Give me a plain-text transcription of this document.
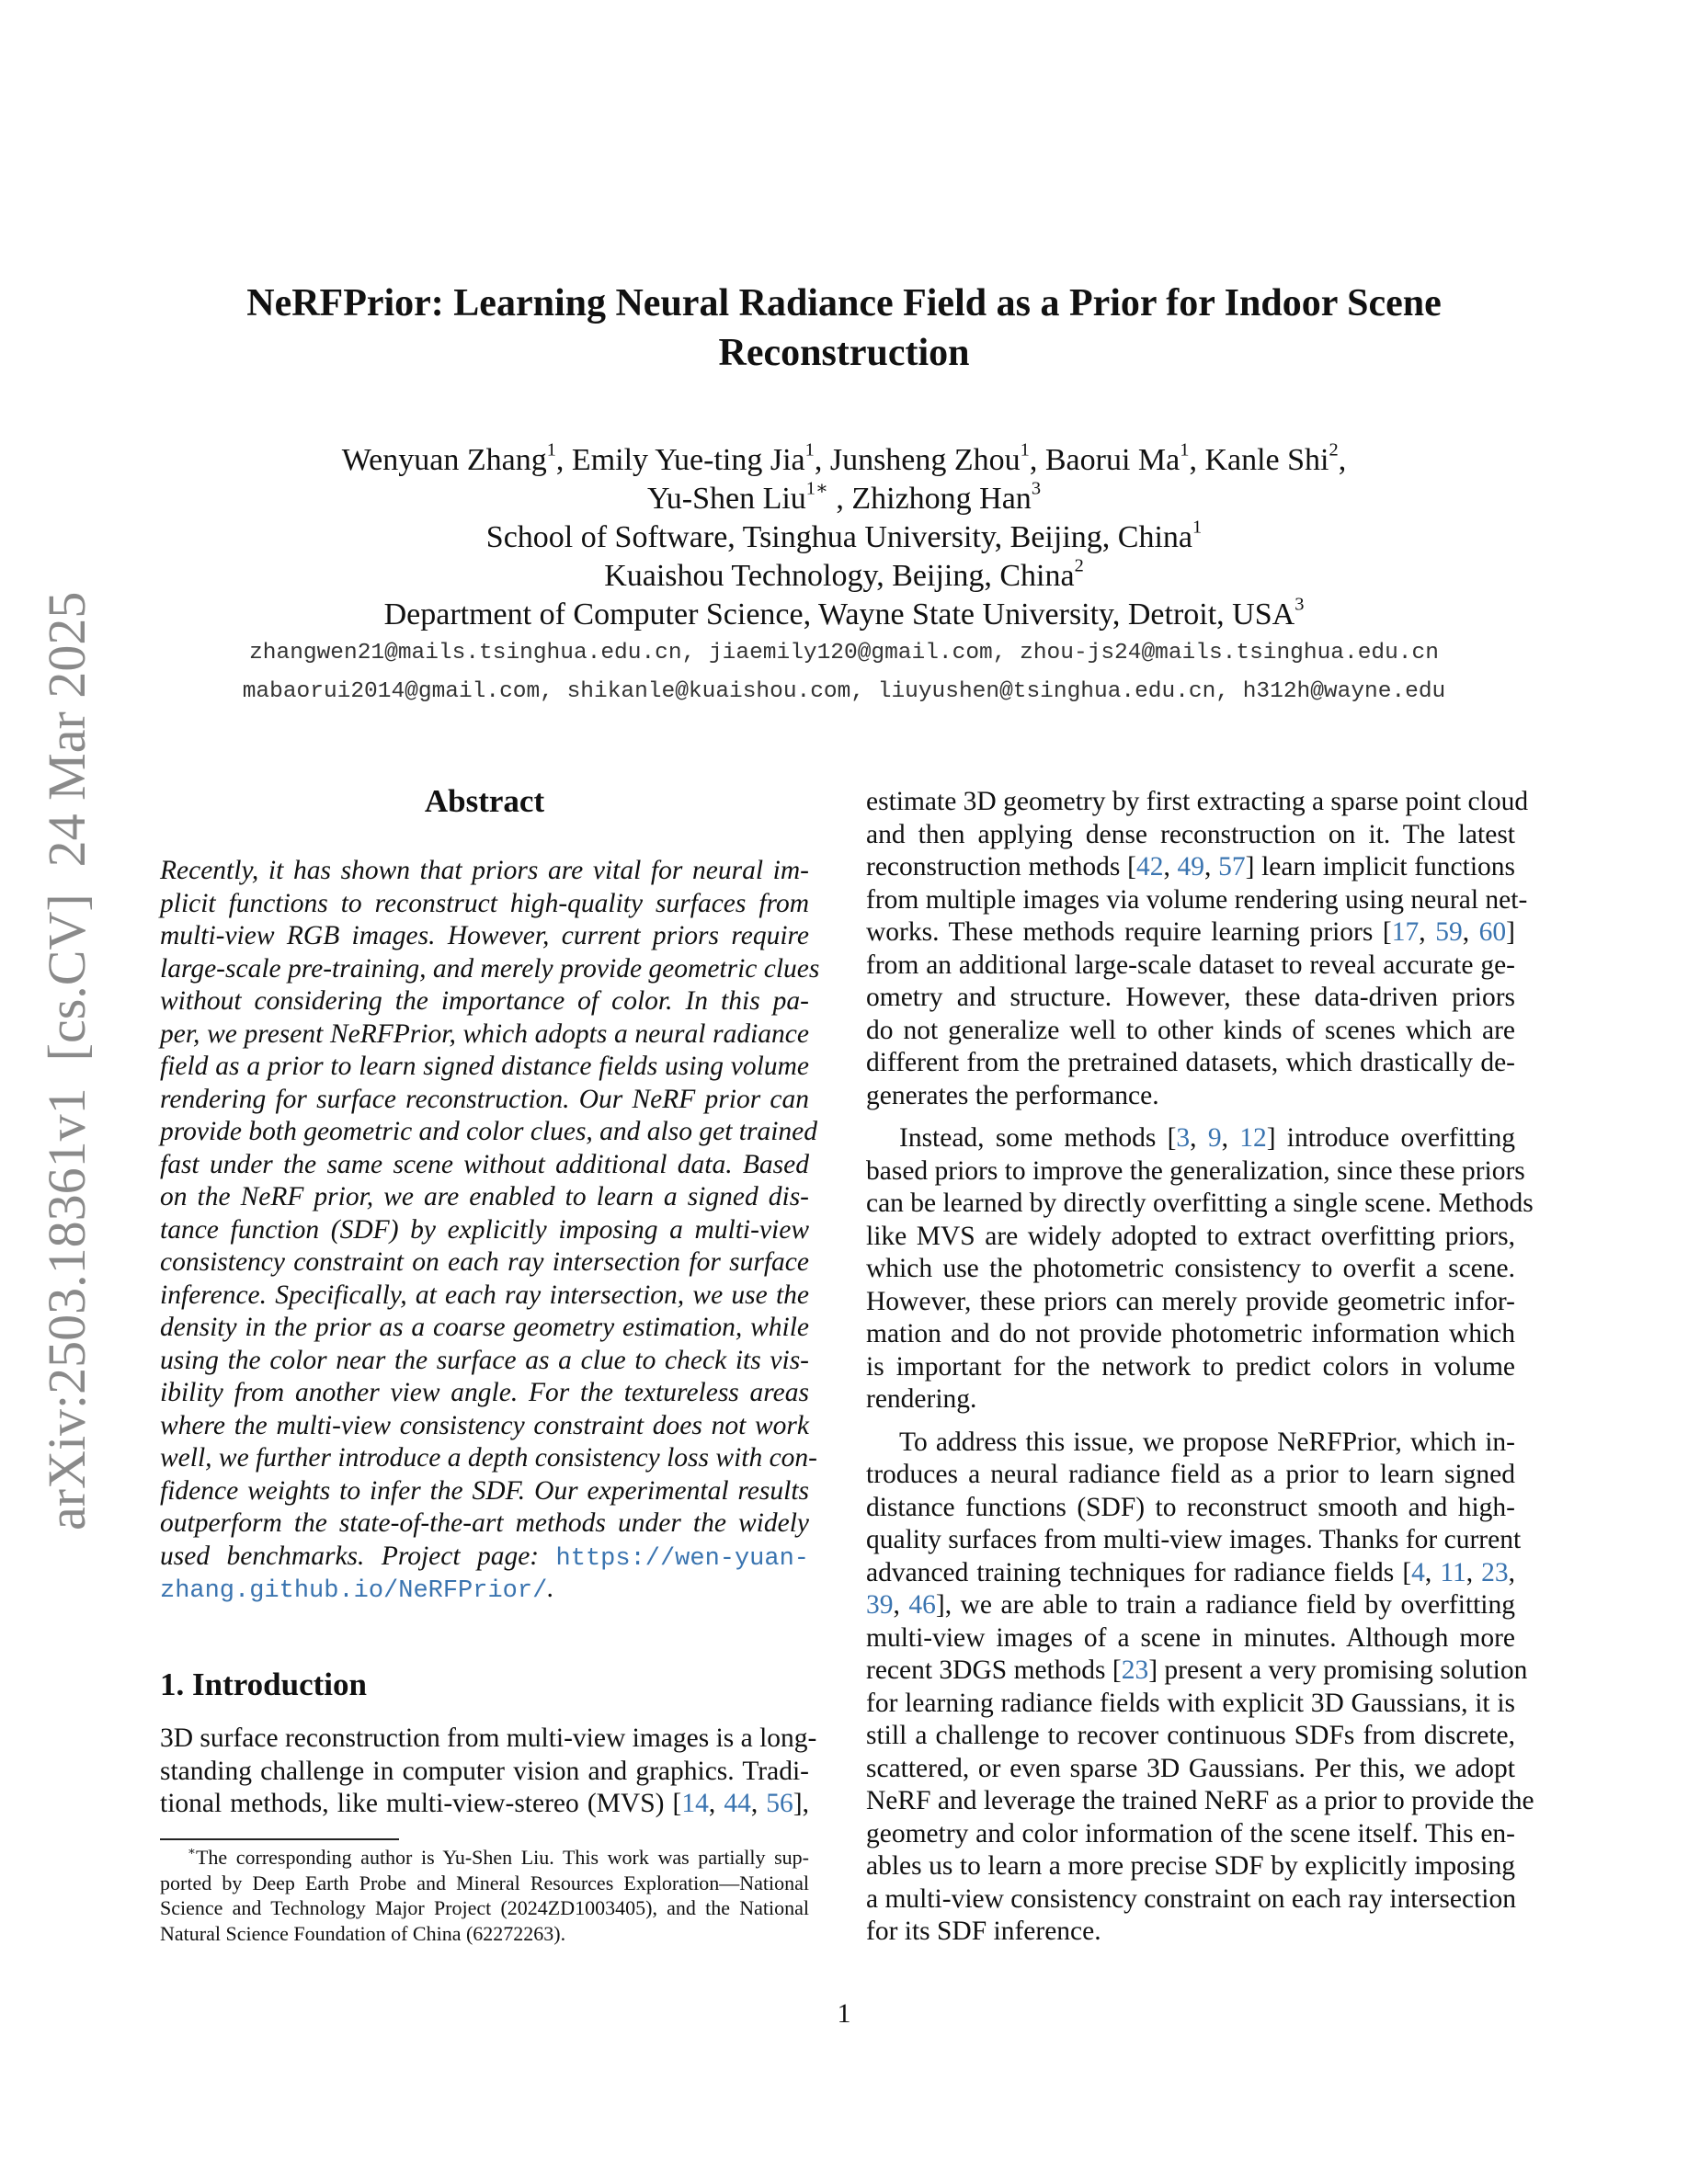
arXiv:2503.18361v1  [cs.CV]  24 Mar 2025
NeRFPrior: Learning Neural Radiance Field as a Prior for Indoor Scene
Reconstruction
Wenyuan Zhang$^1$, Emily Yue-ting Jia$^1$, Junsheng Zhou$^1$, Baorui Ma$^1$, Kanle Shi$^2$,
Yu-Shen Liu$^{1∗}$ , Zhizhong Han$^3$
School of Software, Tsinghua University, Beijing, China$^1$
Kuaishou Technology, Beijing, China$^2$
Department of Computer Science, Wayne State University, Detroit, USA$^3$
zhangwen21@mails.tsinghua.edu.cn, jiaemily120@gmail.com, zhou-js24@mails.tsinghua.edu.cn
mabaorui2014@gmail.com, shikanle@kuaishou.com, liuyushen@tsinghua.edu.cn, h312h@wayne.edu
Abstract
Recently, it has shown that priors are vital for neural im-
plicit functions to reconstruct high-quality surfaces from
multi-view RGB images. However, current priors require
large-scale pre-training, and merely provide geometric clues
without considering the importance of color. In this pa-
per, we present NeRFPrior, which adopts a neural radiance
field as a prior to learn signed distance fields using volume
rendering for surface reconstruction. Our NeRF prior can
provide both geometric and color clues, and also get trained
fast under the same scene without additional data. Based
on the NeRF prior, we are enabled to learn a signed dis-
tance function (SDF) by explicitly imposing a multi-view
consistency constraint on each ray intersection for surface
inference. Specifically, at each ray intersection, we use the
density in the prior as a coarse geometry estimation, while
using the color near the surface as a clue to check its vis-
ibility from another view angle. For the textureless areas
where the multi-view consistency constraint does not work
well, we further introduce a depth consistency loss with con-
fidence weights to infer the SDF. Our experimental results
outperform the state-of-the-art methods under the widely
used benchmarks. Project page: https://wen-yuan-
zhang.github.io/NeRFPrior/.
1. Introduction
3D surface reconstruction from multi-view images is a long-
standing challenge in computer vision and graphics. Tradi-
tional methods, like multi-view-stereo (MVS) [14, 44, 56],
∗The corresponding author is Yu-Shen Liu. This work was partially sup-
ported by Deep Earth Probe and Mineral Resources Exploration—National
Science and Technology Major Project (2024ZD1003405), and the National
Natural Science Foundation of China (62272263).
estimate 3D geometry by first extracting a sparse point cloud
and then applying dense reconstruction on it. The latest
reconstruction methods [42, 49, 57] learn implicit functions
from multiple images via volume rendering using neural net-
works. These methods require learning priors [17, 59, 60]
from an additional large-scale dataset to reveal accurate ge-
ometry and structure. However, these data-driven priors
do not generalize well to other kinds of scenes which are
different from the pretrained datasets, which drastically de-
generates the performance.
Instead, some methods [3, 9, 12] introduce overfitting
based priors to improve the generalization, since these priors
can be learned by directly overfitting a single scene. Methods
like MVS are widely adopted to extract overfitting priors,
which use the photometric consistency to overfit a scene.
However, these priors can merely provide geometric infor-
mation and do not provide photometric information which
is important for the network to predict colors in volume
rendering.
To address this issue, we propose NeRFPrior, which in-
troduces a neural radiance field as a prior to learn signed
distance functions (SDF) to reconstruct smooth and high-
quality surfaces from multi-view images. Thanks for current
advanced training techniques for radiance fields [4, 11, 23,
39, 46], we are able to train a radiance field by overfitting
multi-view images of a scene in minutes. Although more
recent 3DGS methods [23] present a very promising solution
for learning radiance fields with explicit 3D Gaussians, it is
still a challenge to recover continuous SDFs from discrete,
scattered, or even sparse 3D Gaussians. Per this, we adopt
NeRF and leverage the trained NeRF as a prior to provide the
geometry and color information of the scene itself. This en-
ables us to learn a more precise SDF by explicitly imposing
a multi-view consistency constraint on each ray intersection
for its SDF inference.
1
